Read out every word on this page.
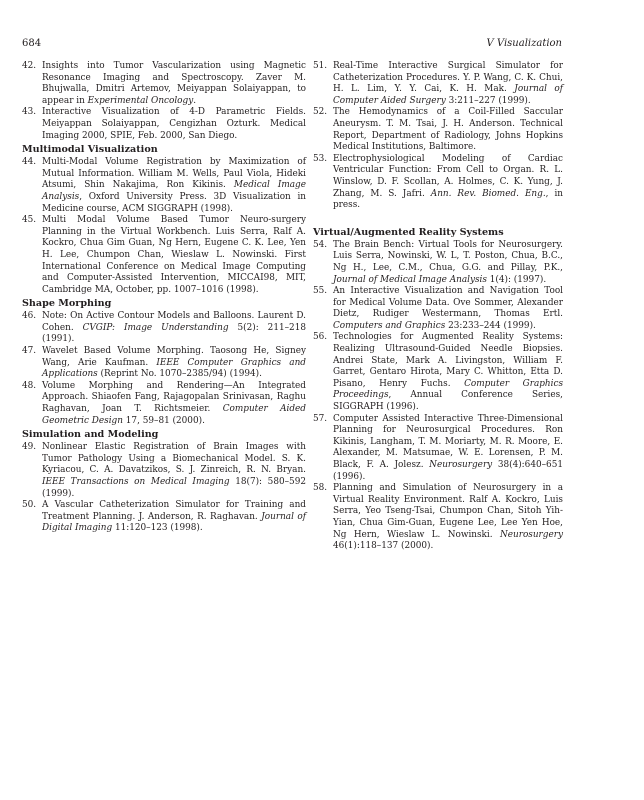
684	V Visualization
42. Insights into Tumor Vascularization using Magnetic Resonance Imaging and Spectroscopy. Zaver M. Bhujwalla, Dmitri Artemov, Meiyappan Solaiyappan, to appear in Experimental Oncology.
43. Interactive Visualization of 4-D Parametric Fields. Meiyappan Solaiyappan, Cengizhan Ozturk. Medical Imaging 2000, SPIE, Feb. 2000, San Diego.
Multimodal Visualization
44. Multi-Modal Volume Registration by Maximization of Mutual Information. William M. Wells, Paul Viola, Hideki Atsumi, Shin Nakajima, Ron Kikinis. Medical Image Analysis, Oxford University Press. 3D Visualization in Medicine course, ACM SIGGRAPH (1998).
45. Multi Modal Volume Based Tumor Neuro-surgery Planning in the Virtual Workbench. Luis Serra, Ralf A. Kockro, Chua Gim Guan, Ng Hern, Eugene C. K. Lee, Yen H. Lee, Chumpon Chan, Wieslaw L. Nowinski. First International Conference on Medical Image Computing and Computer-Assisted Intervention, MICCAI98, MIT, Cambridge MA, October, pp. 1007–1016 (1998).
Shape Morphing
46. Note: On Active Contour Models and Balloons. Laurent D. Cohen. CVGIP: Image Understanding 5(2): 211–218 (1991).
47. Wavelet Based Volume Morphing. Taosong He, Signey Wang, Arie Kaufman. IEEE Computer Graphics and Applications (Reprint No. 1070–2385/94) (1994).
48. Volume Morphing and Rendering—An Integrated Approach. Shiaofen Fang, Rajagopalan Srinivasan, Raghu Raghavan, Joan T. Richtsmeier. Computer Aided Geometric Design 17, 59–81 (2000).
Simulation and Modeling
49. Nonlinear Elastic Registration of Brain Images with Tumor Pathology Using a Biomechanical Model. S. K. Kyriacou, C. A. Davatzikos, S. J. Zinreich, R. N. Bryan. IEEE Transactions on Medical Imaging 18(7): 580–592 (1999).
50. A Vascular Catheterization Simulator for Training and Treatment Planning. J. Anderson, R. Raghavan. Journal of Digital Imaging 11:120–123 (1998).
51. Real-Time Interactive Surgical Simulator for Catheterization Procedures. Y. P. Wang, C. K. Chui, H. L. Lim, Y. Y. Cai, K. H. Mak. Journal of Computer Aided Surgery 3:211–227 (1999).
52. The Hemodynamics of a Coil-Filled Saccular Aneurysm. T. M. Tsai, J. H. Anderson. Technical Report, Department of Radiology, Johns Hopkins Medical Institutions, Baltimore.
53. Electrophysiological Modeling of Cardiac Ventricular Function: From Cell to Organ. R. L. Winslow, D. F. Scollan, A. Holmes, C. K. Yung, J. Zhang, M. S. Jafri. Ann. Rev. Biomed. Eng., in press.
Virtual/Augmented Reality Systems
54. The Brain Bench: Virtual Tools for Neurosurgery. Luis Serra, Nowinski, W. L, T. Poston, Chua, B.C., Ng H., Lee, C.M., Chua, G.G. and Pillay, P.K., Journal of Medical Image Analysis 1(4): (1997).
55. An Interactive Visualization and Navigation Tool for Medical Volume Data. Ove Sommer, Alexander Dietz, Rudiger Westermann, Thomas Ertl. Computers and Graphics 23:233–244 (1999).
56. Technologies for Augmented Reality Systems: Realizing Ultrasound-Guided Needle Biopsies. Andrei State, Mark A. Livingston, William F. Garret, Gentaro Hirota, Mary C. Whitton, Etta D. Pisano, Henry Fuchs. Computer Graphics Proceedings, Annual Conference Series, SIGGRAPH (1996).
57. Computer Assisted Interactive Three-Dimensional Planning for Neurosurgical Procedures. Ron Kikinis, Langham, T. M. Moriarty, M. R. Moore, E. Alexander, M. Matsumae, W. E. Lorensen, P. M. Black, F. A. Jolesz. Neurosurgery 38(4):640–651 (1996).
58. Planning and Simulation of Neurosurgery in a Virtual Reality Environment. Ralf A. Kockro, Luis Serra, Yeo Tseng-Tsai, Chumpon Chan, Sitoh Yih-Yian, Chua Gim-Guan, Eugene Lee, Lee Yen Hoe, Ng Hern, Wieslaw L. Nowinski. Neurosurgery 46(1):118–137 (2000).
